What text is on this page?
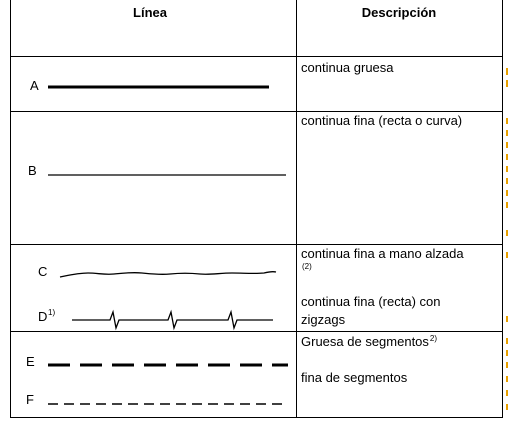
Línea	Descripción
A
continua gruesa
B
continua fina (recta o curva)
C
continua fina a mano alzada
(2)
D 1)
continua fina (recta) con
zigzags
E
Gruesa de segmentos$^{2)}$
F
fina de segmentos
